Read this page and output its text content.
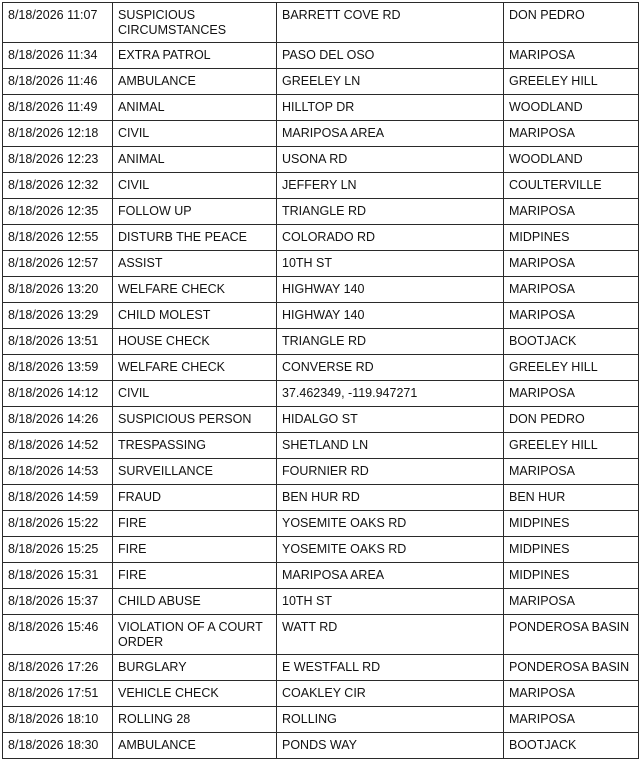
8/18/2026 11:07	SUSPICIOUS CIRCUMSTANCES	BARRETT COVE RD	DON PEDRO
8/18/2026 11:34	EXTRA PATROL	PASO DEL OSO	MARIPOSA
8/18/2026 11:46	AMBULANCE	GREELEY LN	GREELEY HILL
8/18/2026 11:49	ANIMAL	HILLTOP DR	WOODLAND
8/18/2026 12:18	CIVIL	MARIPOSA AREA	MARIPOSA
8/18/2026 12:23	ANIMAL	USONA RD	WOODLAND
8/18/2026 12:32	CIVIL	JEFFERY LN	COULTERVILLE
8/18/2026 12:35	FOLLOW UP	TRIANGLE RD	MARIPOSA
8/18/2026 12:55	DISTURB THE PEACE	COLORADO RD	MIDPINES
8/18/2026 12:57	ASSIST	10TH ST	MARIPOSA
8/18/2026 13:20	WELFARE CHECK	HIGHWAY 140	MARIPOSA
8/18/2026 13:29	CHILD MOLEST	HIGHWAY 140	MARIPOSA
8/18/2026 13:51	HOUSE CHECK	TRIANGLE RD	BOOTJACK
8/18/2026 13:59	WELFARE CHECK	CONVERSE RD	GREELEY HILL
8/18/2026 14:12	CIVIL	37.462349, -119.947271	MARIPOSA
8/18/2026 14:26	SUSPICIOUS PERSON	HIDALGO ST	DON PEDRO
8/18/2026 14:52	TRESPASSING	SHETLAND LN	GREELEY HILL
8/18/2026 14:53	SURVEILLANCE	FOURNIER RD	MARIPOSA
8/18/2026 14:59	FRAUD	BEN HUR RD	BEN HUR
8/18/2026 15:22	FIRE	YOSEMITE OAKS RD	MIDPINES
8/18/2026 15:25	FIRE	YOSEMITE OAKS RD	MIDPINES
8/18/2026 15:31	FIRE	MARIPOSA AREA	MIDPINES
8/18/2026 15:37	CHILD ABUSE	10TH ST	MARIPOSA
8/18/2026 15:46	VIOLATION OF A COURT ORDER	WATT RD	PONDEROSA BASIN
8/18/2026 17:26	BURGLARY	E WESTFALL RD	PONDEROSA BASIN
8/18/2026 17:51	VEHICLE CHECK	COAKLEY CIR	MARIPOSA
8/18/2026 18:10	ROLLING 28	ROLLING	MARIPOSA
8/18/2026 18:30	AMBULANCE	PONDS WAY	BOOTJACK
